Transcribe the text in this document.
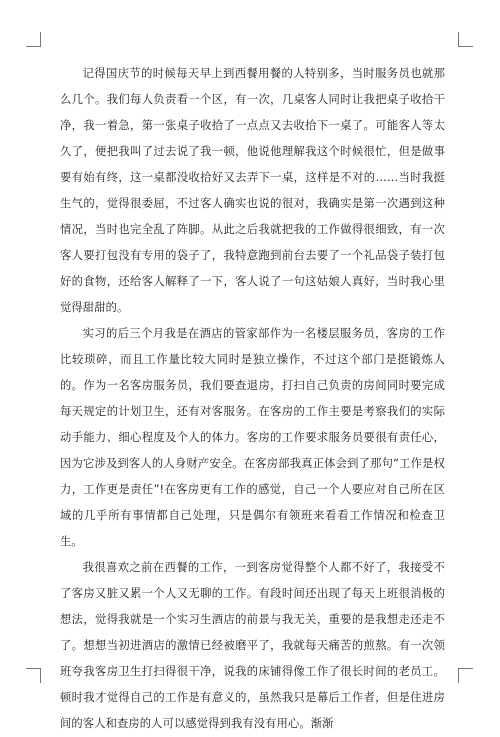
记得国庆节的时候每天早上到西餐用餐的人特别多，当时服务员也就那么几个。我们每人负责看一个区，有一次，几桌客人同时让我把桌子收拾干净，我一着急，第一张桌子收拾了一点点又去收拾下一桌了。可能客人等太久了，便把我叫了过去说了我一顿，他说他理解我这个时候很忙，但是做事要有始有终，这一桌都没收拾好又去弄下一桌，这样是不对的……当时我挺生气的，觉得很委屈，不过客人确实也说的很对，我确实是第一次遇到这种情况，当时也完全乱了阵脚。从此之后我就把我的工作做得很细致，有一次客人要打包没有专用的袋子了，我特意跑到前台去要了一个礼品袋子装打包好的食物，还给客人解释了一下，客人说了一句这姑娘人真好，当时我心里觉得甜甜的。

实习的后三个月我是在酒店的管家部作为一名楼层服务员，客房的工作比较琐碎，而且工作量比较大同时是独立操作，不过这个部门是挺锻炼人的。作为一名客房服务员，我们要查退房，打扫自己负责的房间同时要完成每天规定的计划卫生，还有对客服务。在客房的工作主要是考察我们的实际动手能力、细心程度及个人的体力。客房的工作要求服务员要很有责任心，因为它涉及到客人的人身财产安全。在客房部我真正体会到了那句“工作是权力，工作更是责任”!在客房更有工作的感觉，自己一个人要应对自己所在区域的几乎所有事情都自己处理，只是偶尔有领班来看看工作情况和检查卫生。

我很喜欢之前在西餐的工作，一到客房觉得整个人都不好了，我接受不了客房又脏又累一个人又无聊的工作。有段时间还出现了每天上班很消极的想法，觉得我就是一个实习生酒店的前景与我无关，重要的是我想走还走不了。想想当初进酒店的激情已经被磨平了，我就每天痛苦的煎熬。有一次领班夸我客房卫生打扫得很干净，说我的床铺得像工作了很长时间的老员工。顿时我才觉得自己的工作是有意义的，虽然我只是幕后工作者，但是住进房间的客人和查房的人可以感觉得到我有没有用心。渐渐
